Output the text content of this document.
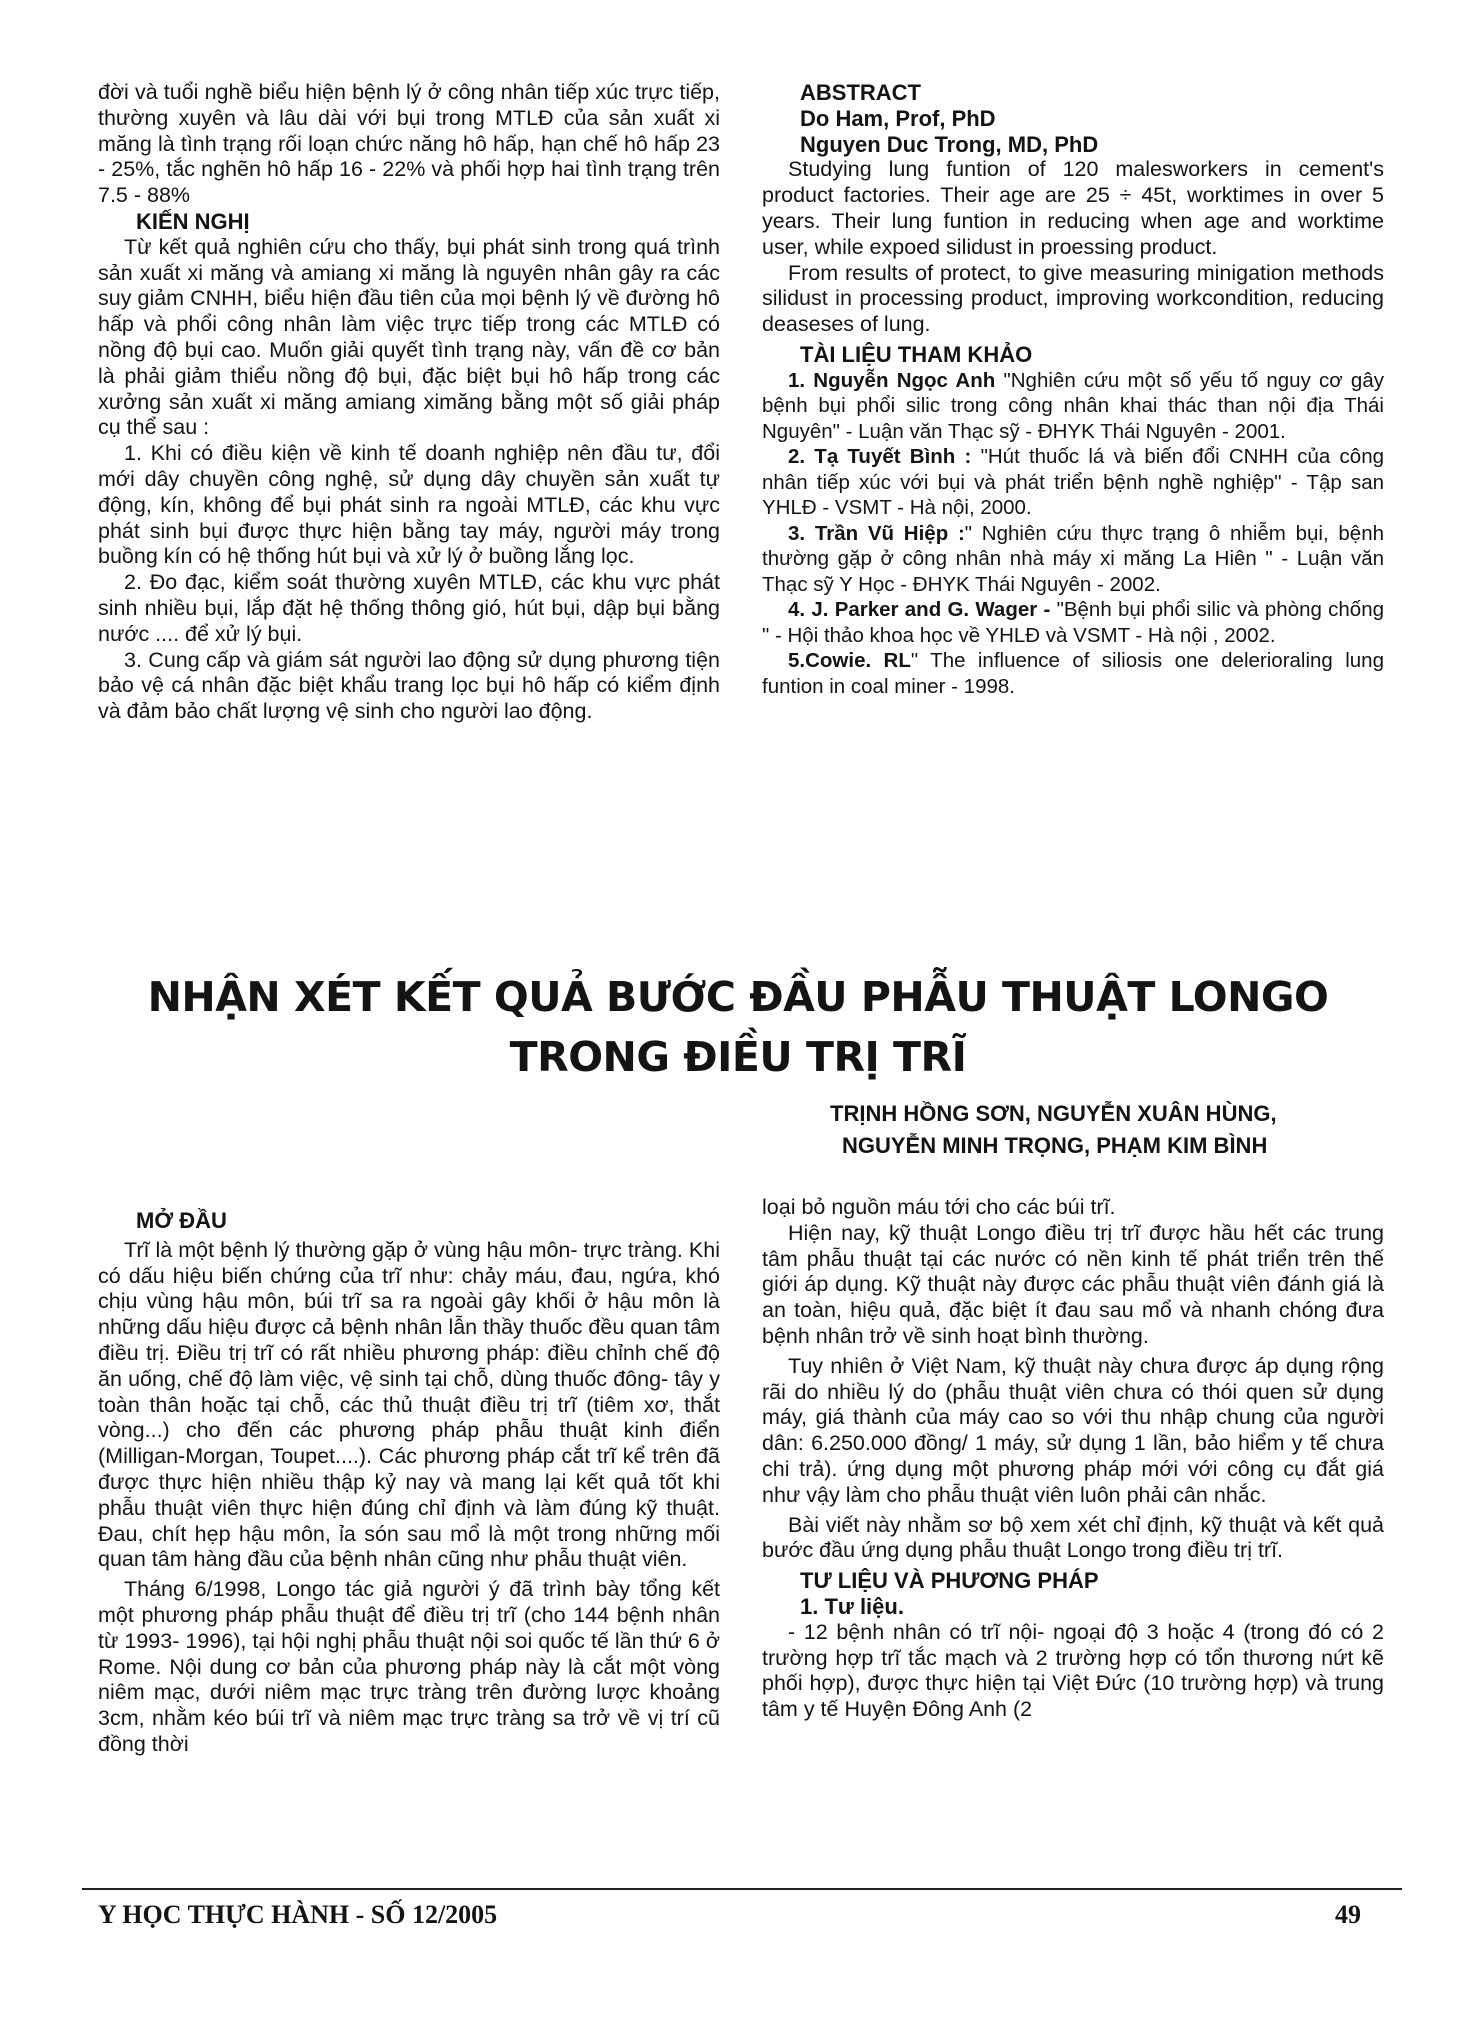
đời và tuổi nghề biểu hiện bệnh lý ở công nhân tiếp xúc trực tiếp, thường xuyên và lâu dài với bụi trong MTLĐ của sản xuất xi măng là tình trạng rối loạn chức năng hô hấp, hạn chế hô hấp 23 - 25%, tắc nghẽn hô hấp 16 - 22% và phối hợp hai tình trạng trên 7.5 - 88%

KIẾN NGHỊ

Từ kết quả nghiên cứu cho thấy, bụi phát sinh trong quá trình sản xuất xi măng và amiang xi măng là nguyên nhân gây ra các suy giảm CNHH, biểu hiện đầu tiên của mọi bệnh lý về đường hô hấp và phổi công nhân làm việc trực tiếp trong các MTLĐ có nồng độ bụi cao. Muốn giải quyết tình trạng này, vấn đề cơ bản là phải giảm thiểu nồng độ bụi, đặc biệt bụi hô hấp trong các xưởng sản xuất xi măng amiang ximăng bằng một số giải pháp cụ thể sau :

1. Khi có điều kiện về kinh tế doanh nghiệp nên đầu tư, đổi mới dây chuyền công nghệ, sử dụng dây chuyền sản xuất tự động, kín, không để bụi phát sinh ra ngoài MTLĐ, các khu vực phát sinh bụi được thực hiện bằng tay máy, người máy trong buồng kín có hệ thống hút bụi và xử lý ở buồng lắng lọc.

2. Đo đạc, kiểm soát thường xuyên MTLĐ, các khu vực phát sinh nhiều bụi, lắp đặt hệ thống thông gió, hút bụi, dập bụi bằng nước .... để xử lý bụi.

3. Cung cấp và giám sát người lao động sử dụng phương tiện bảo vệ cá nhân đặc biệt khẩu trang lọc bụi hô hấp có kiểm định và đảm bảo chất lượng vệ sinh cho người lao động.

ABSTRACT

Do Ham, Prof, PhD

Nguyen Duc Trong, MD, PhD

Studying lung funtion of 120 malesworkers in cement's product factories. Their age are 25 ÷ 45t, worktimes in over 5 years. Their lung funtion in reducing when age and worktime user, while expoed silidust in proessing product.

From results of protect, to give measuring minigation methods silidust in processing product, improving workcondition, reducing deaseses of lung.

TÀI LIỆU THAM KHẢO

1. Nguyễn Ngọc Anh "Nghiên cứu một số yếu tố nguy cơ gây bệnh bụi phổi silic trong công nhân khai thác than nội địa Thái Nguyên" - Luận văn Thạc sỹ - ĐHYK Thái Nguyên - 2001.

2. Tạ Tuyết Bình : "Hút thuốc lá và biến đổi CNHH của công nhân tiếp xúc với bụi và phát triển bệnh nghề nghiệp" - Tập san YHLĐ - VSMT - Hà nội, 2000.

3. Trần Vũ Hiệp :" Nghiên cứu thực trạng ô nhiễm bụi, bệnh thường gặp ở công nhân nhà máy xi măng La Hiên " - Luận văn Thạc sỹ Y Học - ĐHYK Thái Nguyên - 2002.

4. J. Parker and G. Wager - "Bệnh bụi phổi silic và phòng chống " - Hội thảo khoa học về YHLĐ và VSMT - Hà nội , 2002.

5.Cowie. RL" The influence of siliosis one delerioraling lung funtion in coal miner - 1998.

NHẬN XÉT KẾT QUẢ BƯỚC ĐẦU PHẪU THUẬT LONGO
TRONG ĐIỀU TRỊ TRĨ
TRỊNH HỒNG SƠN, NGUYỄN XUÂN HÙNG,
NGUYỄN MINH TRỌNG, PHẠM KIM BÌNH

MỞ ĐẦU

Trĩ là một bệnh lý thường gặp ở vùng hậu môn- trực tràng. Khi có dấu hiệu biến chứng của trĩ như: chảy máu, đau, ngứa, khó chịu vùng hậu môn, búi trĩ sa ra ngoài gây khối ở hậu môn là những dấu hiệu được cả bệnh nhân lẫn thầy thuốc đều quan tâm điều trị. Điều trị trĩ có rất nhiều phương pháp: điều chỉnh chế độ ăn uống, chế độ làm việc, vệ sinh tại chỗ, dùng thuốc đông- tây y toàn thân hoặc tại chỗ, các thủ thuật điều trị trĩ (tiêm xơ, thắt vòng...) cho đến các phương pháp phẫu thuật kinh điển (Milligan-Morgan, Toupet....). Các phương pháp cắt trĩ kể trên đã được thực hiện nhiều thập kỷ nay và mang lại kết quả tốt khi phẫu thuật viên thực hiện đúng chỉ định và làm đúng kỹ thuật. Đau, chít hẹp hậu môn, ỉa són sau mổ là một trong những mối quan tâm hàng đầu của bệnh nhân cũng như phẫu thuật viên.

Tháng 6/1998, Longo tác giả người ý đã trình bày tổng kết một phương pháp phẫu thuật để điều trị trĩ (cho 144 bệnh nhân từ 1993- 1996), tại hội nghị phẫu thuật nội soi quốc tế lần thứ 6 ở Rome. Nội dung cơ bản của phương pháp này là cắt một vòng niêm mạc, dưới niêm mạc trực tràng trên đường lược khoảng 3cm, nhằm kéo búi trĩ và niêm mạc trực tràng sa trở về vị trí cũ đồng thời

loại bỏ nguồn máu tới cho các búi trĩ.

Hiện nay, kỹ thuật Longo điều trị trĩ được hầu hết các trung tâm phẫu thuật tại các nước có nền kinh tế phát triển trên thế giới áp dụng. Kỹ thuật này được các phẫu thuật viên đánh giá là an toàn, hiệu quả, đặc biệt ít đau sau mổ và nhanh chóng đưa bệnh nhân trở về sinh hoạt bình thường.

Tuy nhiên ở Việt Nam, kỹ thuật này chưa được áp dụng rộng rãi do nhiều lý do (phẫu thuật viên chưa có thói quen sử dụng máy, giá thành của máy cao so với thu nhập chung của người dân: 6.250.000 đồng/ 1 máy, sử dụng 1 lần, bảo hiểm y tế chưa chi trả). ứng dụng một phương pháp mới với công cụ đắt giá như vậy làm cho phẫu thuật viên luôn phải cân nhắc.

Bài viết này nhằm sơ bộ xem xét chỉ định, kỹ thuật và kết quả bước đầu ứng dụng phẫu thuật Longo trong điều trị trĩ.

TƯ LIỆU VÀ PHƯƠNG PHÁP

1. Tư liệu.

- 12 bệnh nhân có trĩ nội- ngoại độ 3 hoặc 4 (trong đó có 2 trường hợp trĩ tắc mạch và 2 trường hợp có tổn thương nứt kẽ phối hợp), được thực hiện tại Việt Đức (10 trường hợp) và trung tâm y tế Huyện Đông Anh (2

Y HỌC THỰC HÀNH - SỐ 12/2005	49
